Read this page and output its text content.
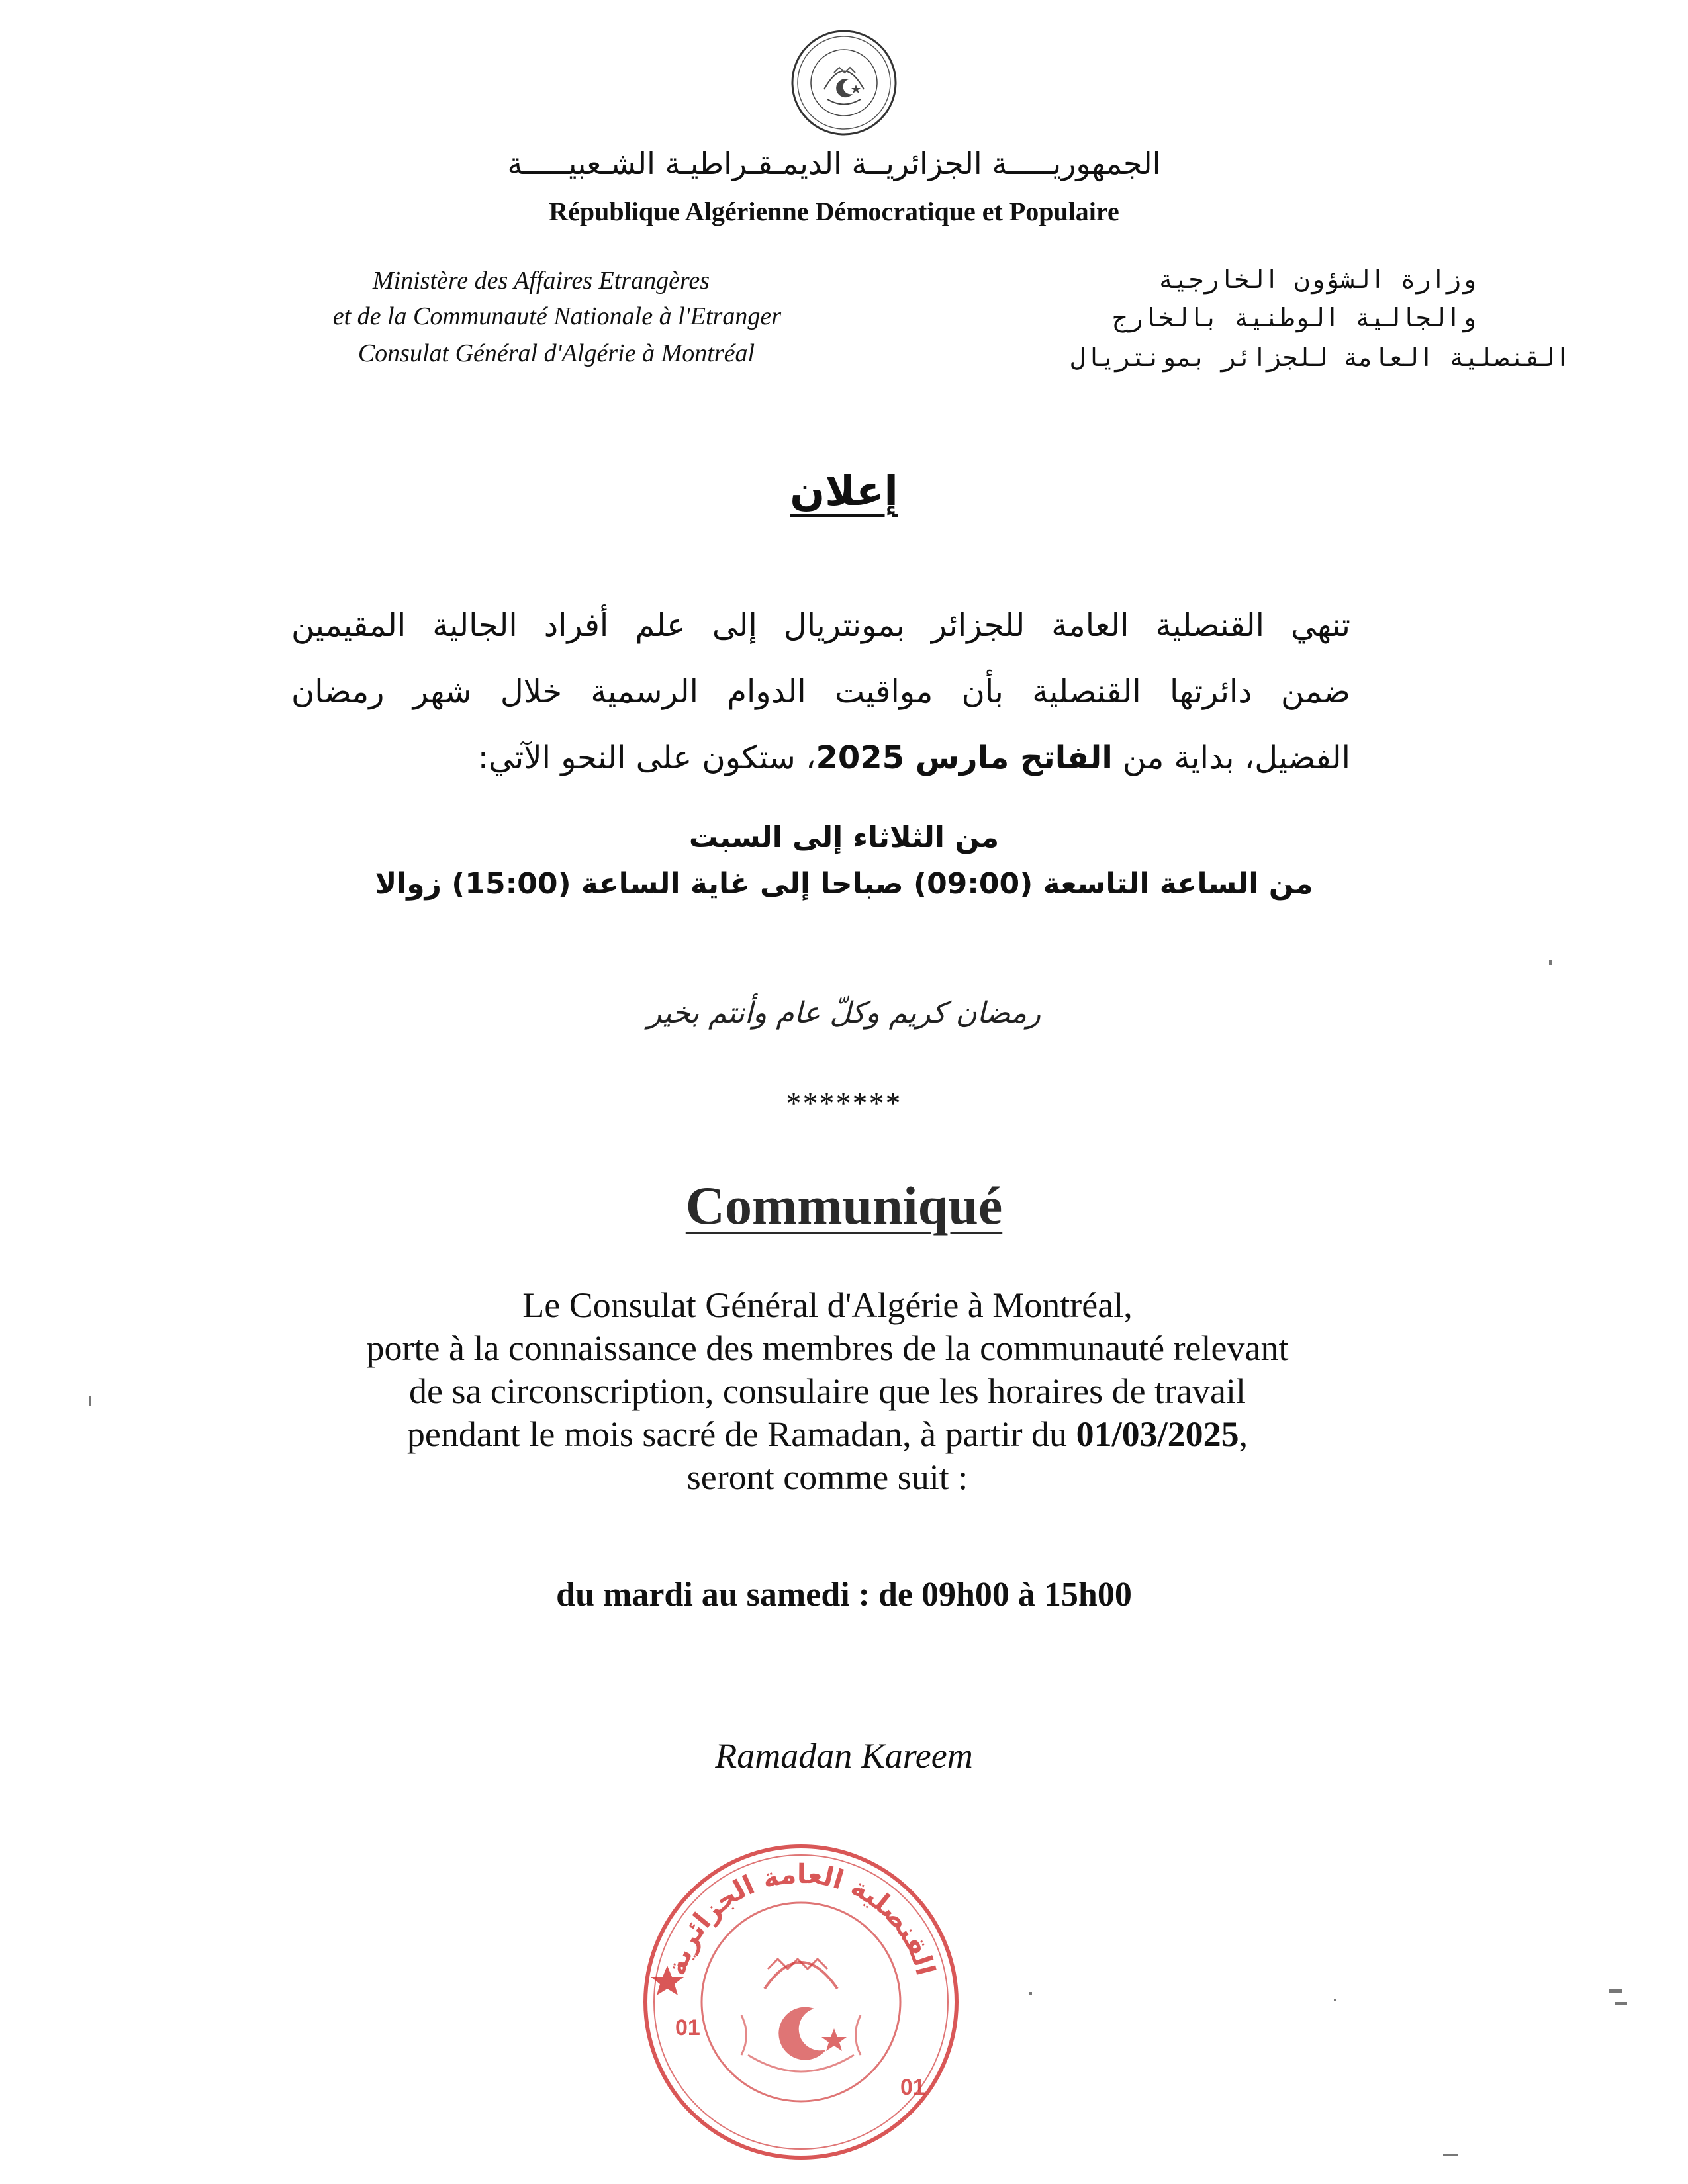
الجمهوريـــــة الجزائريــة الديمـقـراطيـة الشـعبيـــــة
République Algérienne Démocratique et Populaire
Ministère des Affaires Etrangères
et de la Communauté Nationale à l'Etranger
Consulat Général d'Algérie à Montréal
وزارة الشؤون الخارجية
والجالية الوطنية بالخارج
القنصلية العامة للجزائر بمونتريال
إعلان
تنهي القنصلية العامة للجزائر بمونتريال إلى علم أفراد الجالية المقيمين
ضمن دائرتها القنصلية بأن مواقيت الدوام الرسمية خلال شهر رمضان
الفضيل، بداية من الفاتح مارس 2025، ستكون على النحو الآتي:
من الثلاثاء إلى السبت
من الساعة التاسعة (09:00) صباحا إلى غاية الساعة (15:00) زوالا
رمضان كريم وكلّ عام وأنتم بخير
*******
Communiqué
Le Consulat Général d'Algérie à Montréal,
porte à la connaissance des membres de la communauté relevant
de sa circonscription, consulaire que les horaires de travail
pendant le mois sacré de Ramadan, à partir du 01/03/2025,
seront comme suit :
du mardi au samedi : de 09h00 à 15h00
Ramadan Kareem
القنصلية العامة الجزائرية
01
01
